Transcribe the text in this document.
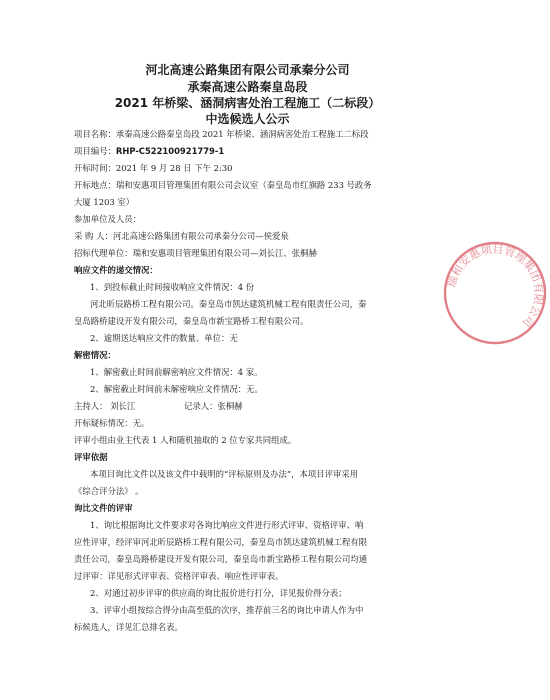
河北高速公路集团有限公司承秦分公司
承秦高速公路秦皇岛段
2021 年桥梁、涵洞病害处治工程施工（二标段）
中选候选人公示
项目名称：承秦高速公路秦皇岛段 2021 年桥梁、涵洞病害处治工程施工二标段
项目编号：RHP-C522100921779-1
开标时间：2021 年 9 月 28 日 下午 2:30
开标地点：瑞和安惠项目管理集团有限公司会议室（秦皇岛市红旗路 233 号政务
大厦 1203 室）
参加单位及人员：
采 购 人：河北高速公路集团有限公司承秦分公司—侯爱泉
招标代理单位：瑞和安惠项目管理集团有限公司—刘长江、张桐赫
响应文件的递交情况：
1、到投标截止时间接收响应文件情况：4 份
河北昕辰路桥工程有限公司。秦皇岛市凯达建筑机械工程有限责任公司，秦
皇岛路桥建设开发有限公司，秦皇岛市新宝路桥工程有限公司。
2、逾期送达响应文件的数量、单位：无
解密情况：
1、解密截止时间前解密响应文件情况：4 家。
2、解密截止时间前未解密响应文件情况：无。
主持人： 刘长江	记录人：张桐赫
开标疑标情况：无。
评审小组由业主代表 1 人和随机抽取的 2 位专家共同组成。
评审依据
本项目询比文件以及该文件中载明的“评标原则及办法”，本项目评审采用
《综合评分法》 。
询比文件的评审
1、询比根据询比文件要求对各询比响应文件进行形式评审、资格评审、响
应性评审，经评审河北昕辰路桥工程有限公司，秦皇岛市凯达建筑机械工程有限
责任公司，秦皇岛路桥建设开发有限公司，秦皇岛市新宝路桥工程有限公司均通
过评审：详见形式评审表、资格评审表、响应性评审表。
2、对通过初步评审的供应商的询比报价进行打分，详见报价得分表；
3、评审小组按综合得分由高至低的次序，推荐前三名的询比申请人作为中
标候选人，详见汇总排名表。
瑞和安惠项目管理集团有限公司
